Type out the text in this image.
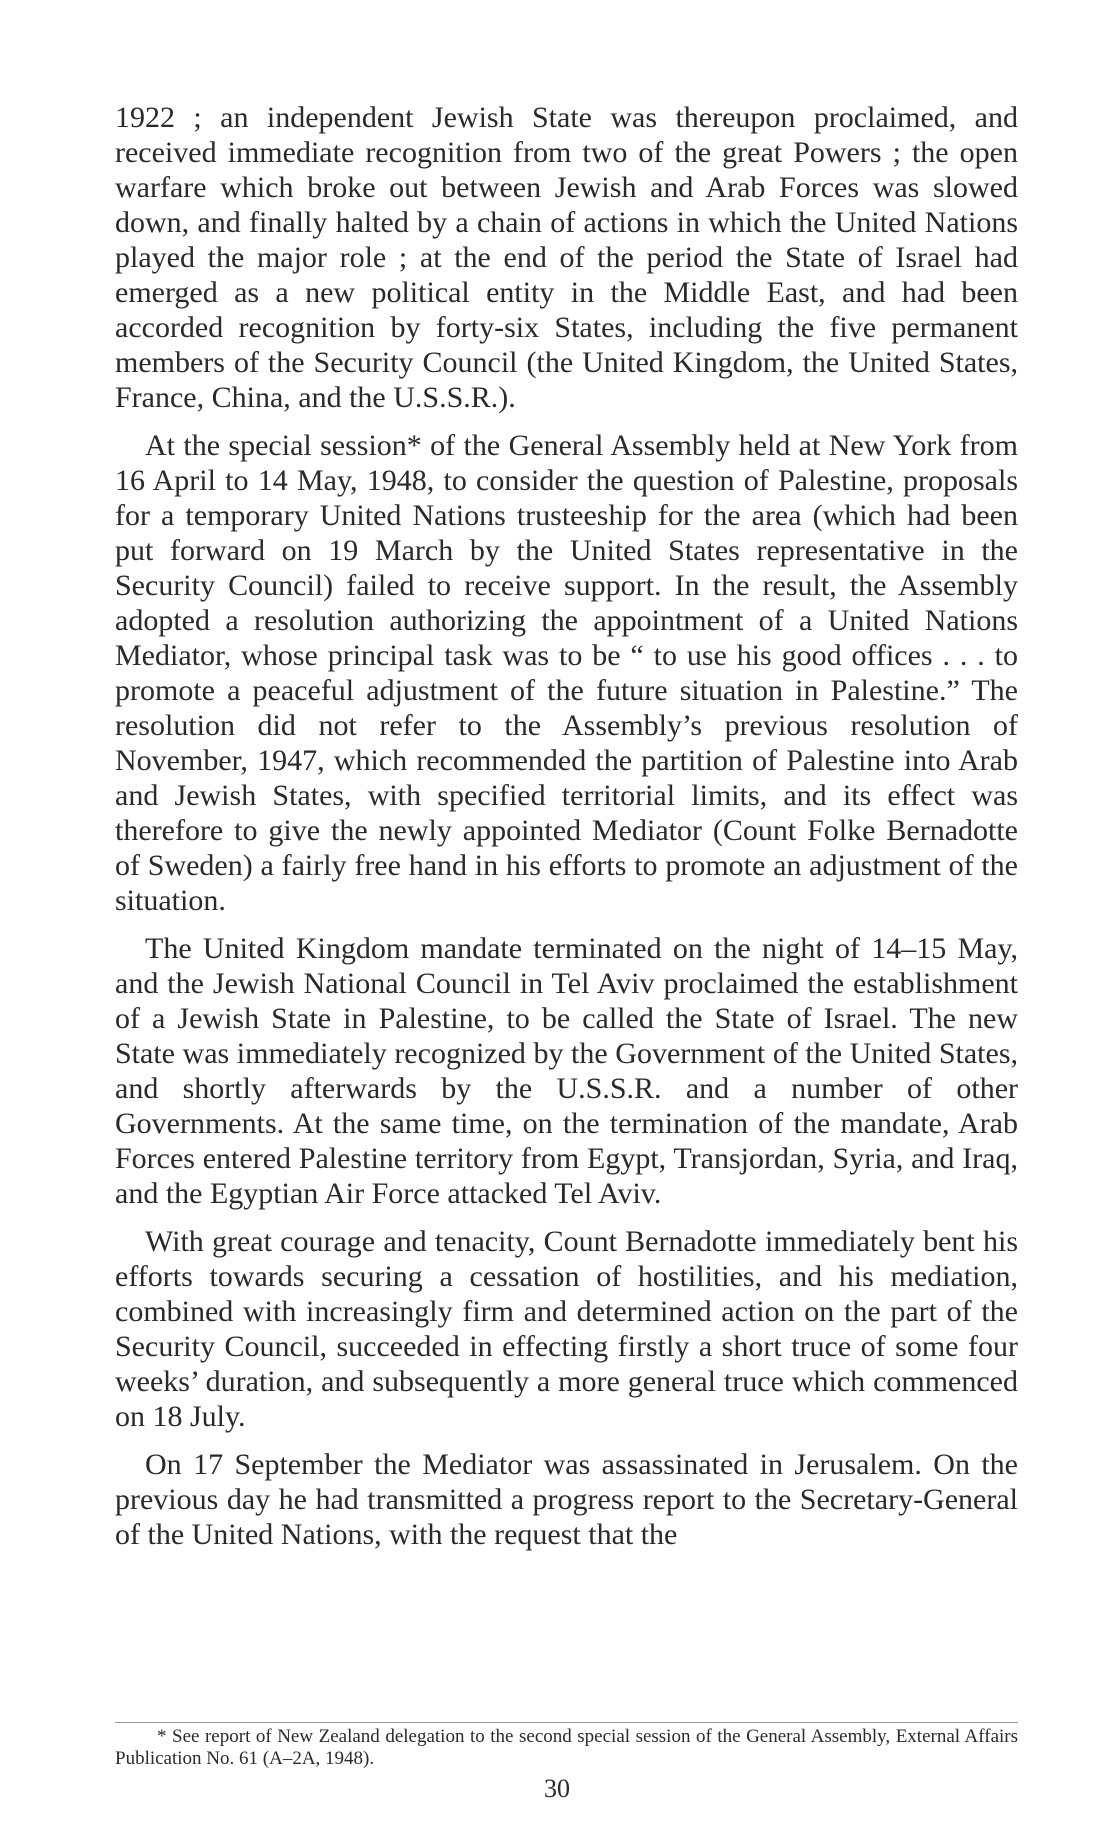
1922 ; an independent Jewish State was thereupon proclaimed, and received immediate recognition from two of the great Powers ; the open warfare which broke out between Jewish and Arab Forces was slowed down, and finally halted by a chain of actions in which the United Nations played the major role ; at the end of the period the State of Israel had emerged as a new political entity in the Middle East, and had been accorded recognition by forty-six States, including the five permanent members of the Security Council (the United Kingdom, the United States, France, China, and the U.S.S.R.).

At the special session* of the General Assembly held at New York from 16 April to 14 May, 1948, to consider the question of Palestine, proposals for a temporary United Nations trusteeship for the area (which had been put forward on 19 March by the United States representative in the Security Council) failed to receive support. In the result, the Assembly adopted a resolution authorizing the appointment of a United Nations Mediator, whose principal task was to be “ to use his good offices . . . to promote a peaceful adjustment of the future situation in Palestine.” The resolution did not refer to the Assembly’s previous resolution of November, 1947, which recommended the partition of Palestine into Arab and Jewish States, with specified territorial limits, and its effect was therefore to give the newly appointed Mediator (Count Folke Bernadotte of Sweden) a fairly free hand in his efforts to promote an adjustment of the situation.

The United Kingdom mandate terminated on the night of 14–15 May, and the Jewish National Council in Tel Aviv proclaimed the establishment of a Jewish State in Palestine, to be called the State of Israel. The new State was immediately recognized by the Government of the United States, and shortly afterwards by the U.S.S.R. and a number of other Governments. At the same time, on the termination of the mandate, Arab Forces entered Palestine territory from Egypt, Transjordan, Syria, and Iraq, and the Egyptian Air Force attacked Tel Aviv.

With great courage and tenacity, Count Bernadotte immediately bent his efforts towards securing a cessation of hostilities, and his mediation, combined with increasingly firm and determined action on the part of the Security Council, succeeded in effecting firstly a short truce of some four weeks’ duration, and subsequently a more general truce which commenced on 18 July.

On 17 September the Mediator was assassinated in Jerusalem. On the previous day he had transmitted a progress report to the Secretary-General of the United Nations, with the request that the

* See report of New Zealand delegation to the second special session of the General Assembly, External Affairs Publication No. 61 (A–2A, 1948).

30
